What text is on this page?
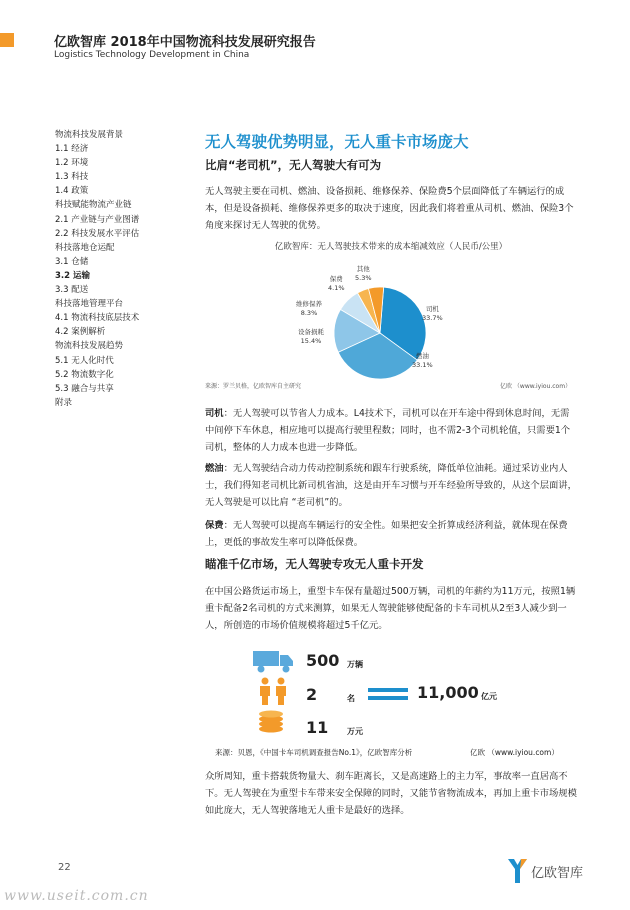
亿欧智库 2018年中国物流科技发展研究报告
Logistics Technology Development in China
物流科技发展背景
1.1 经济
1.2 环境
1.3 科技
1.4 政策
科技赋能物流产业链
2.1 产业链与产业图谱
2.2 科技发展水平评估
科技落地仓运配
3.1 仓储
3.2 运输
3.3 配送
科技落地管理平台
4.1 物流科技底层技术
4.2 案例解析
物流科技发展趋势
5.1 无人化时代
5.2 物流数字化
5.3 融合与共享
附录
无人驾驶优势明显，无人重卡市场庞大
比肩“老司机”，无人驾驶大有可为

无人驾驶主要在司机、燃油、设备损耗、维修保养、保险费5个层面降低了车辆运行的成本，但是设备损耗、维修保养更多的取决于速度，因此我们将着重从司机、燃油、保险3个角度来探讨无人驾驶的优势。

亿欧智库：无人驾驶技术带来的成本缩减效应（人民币/公里）
其他
5.3%
保费
4.1%
维修保养
8.3%
设备损耗
15.4%
司机
33.7%
燃油
33.1%
来源：罗兰贝格，亿欧智库自主研究	亿欧 （www.iyiou.com）

司机：无人驾驶可以节省人力成本。L4技术下，司机可以在开车途中得到休息时间，无需中间停下车休息，相应地可以提高行驶里程数；同时，也不需2-3个司机轮值，只需要1个司机，整体的人力成本也进一步降低。

燃油：无人驾驶结合动力传动控制系统和跟车行驶系统，降低单位油耗。通过采访业内人士，我们得知老司机比新司机省油，这是由开车习惯与开车经验所导致的，从这个层面讲，无人驾驶是可以比肩 “老司机”的。

保费：无人驾驶可以提高车辆运行的安全性。如果把安全折算成经济利益，就体现在保费上，更低的事故发生率可以降低保费。

瞄准千亿市场，无人驾驶专攻无人重卡开发

在中国公路货运市场上，重型卡车保有量超过500万辆，司机的年薪约为11万元，按照1辆重卡配备2名司机的方式来测算，如果无人驾驶能够使配备的卡车司机从2至3人减少到一人，所创造的市场价值规模将超过5千亿元。

500 万辆
2	名
11 万元
11,000 亿元
来源：贝恩，《中国卡车司机调查报告No.1》，亿欧智库分析	亿欧 （www.iyiou.com）

众所周知，重卡搭载货物量大、刹车距离长，又是高速路上的主力军，事故率一直居高不下。无人驾驶在为重型卡车带来安全保障的同时，又能节省物流成本，再加上重卡市场规模如此庞大，无人驾驶落地无人重卡是最好的选择。

22	亿欧智库
www.useit.com.cn
